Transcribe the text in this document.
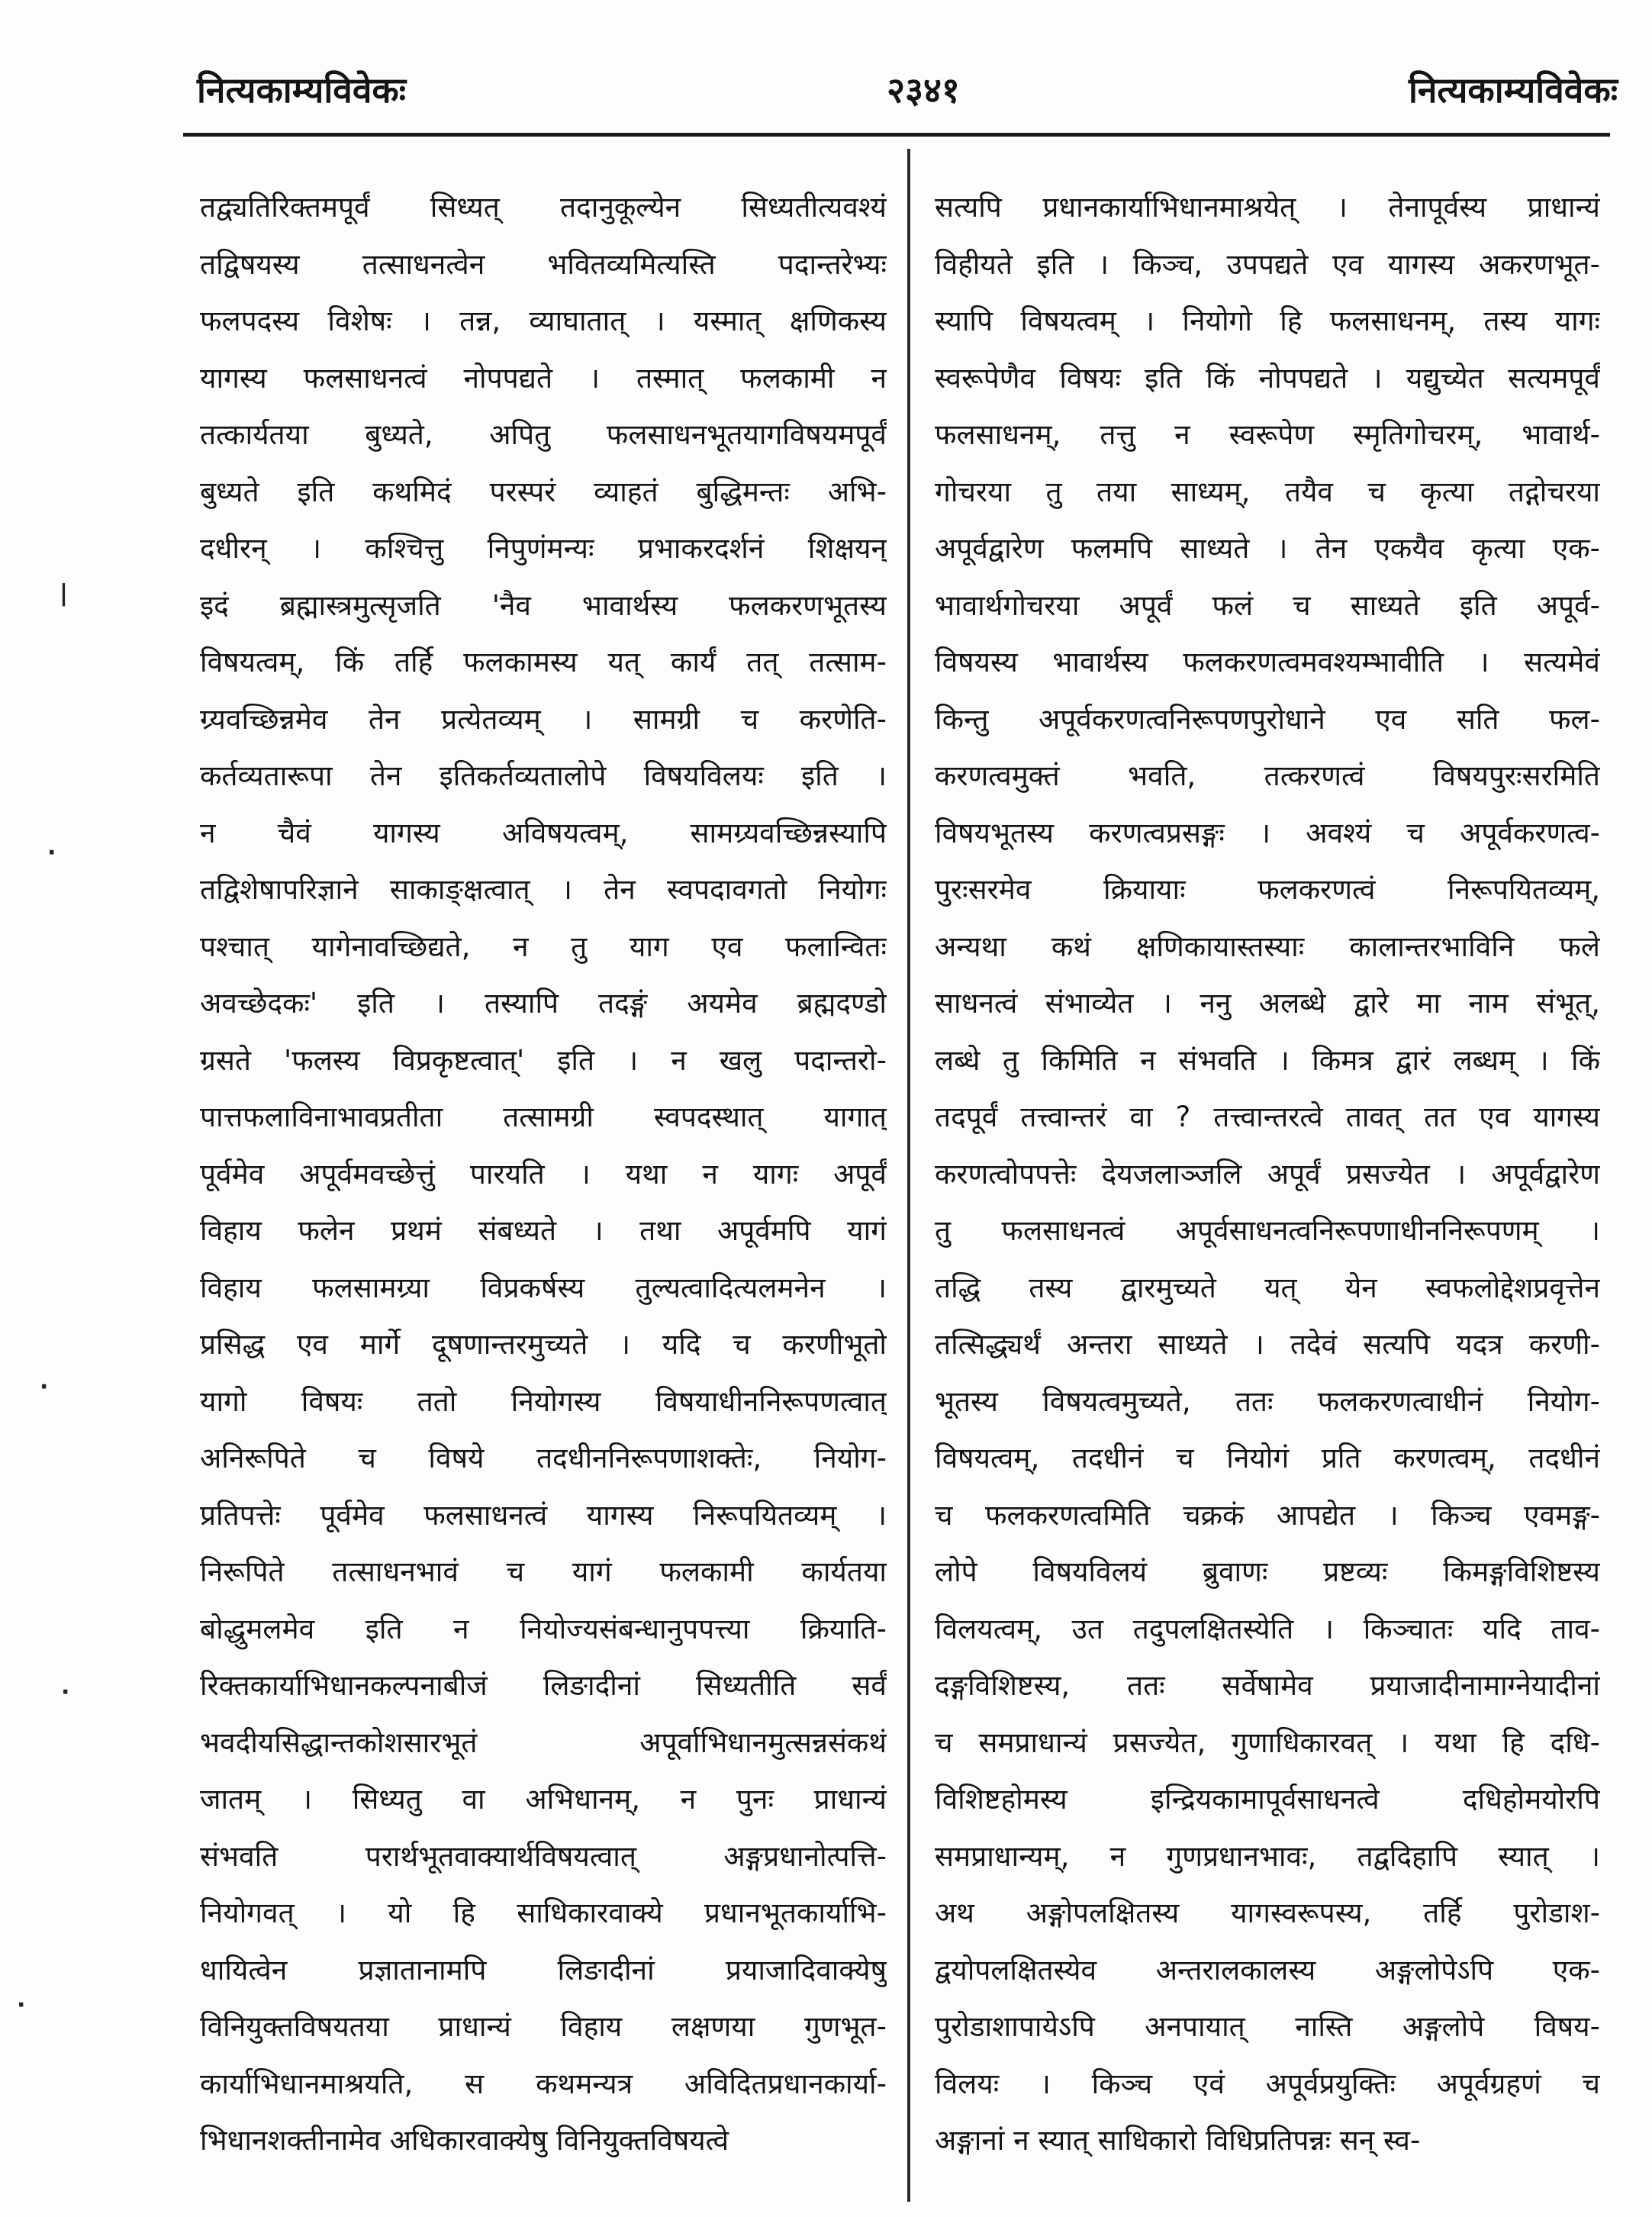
नित्यकाम्यविवेकः	२३४१	नित्यकाम्यविवेकः
|
·
·
·
·
तद्व्यतिरिक्तमपूर्वं सिध्यत् तदानुकूल्येन सिध्यतीत्यवश्यं
तद्विषयस्य तत्साधनत्वेन भवितव्यमित्यस्ति पदान्तरेभ्यः
फलपदस्य विशेषः । तन्न, व्याघातात् । यस्मात् क्षणिकस्य
यागस्य फलसाधनत्वं नोपपद्यते । तस्मात् फलकामी न
तत्कार्यतया बुध्यते, अपितु फलसाधनभूतयागविषयमपूर्वं
बुध्यते इति कथमिदं परस्परं व्याहतं बुद्धिमन्तः अभि-
दधीरन् । कश्चित्तु निपुणंमन्यः प्रभाकरदर्शनं शिक्षयन्
इदं ब्रह्मास्त्रमुत्सृजति 'नैव भावार्थस्य फलकरणभूतस्य
विषयत्वम्, किं तर्हि फलकामस्य यत् कार्यं तत् तत्साम-
ग्र्यवच्छिन्नमेव तेन प्रत्येतव्यम् । सामग्री च करणेति-
कर्तव्यतारूपा तेन इतिकर्तव्यतालोपे विषयविलयः इति ।
न चैवं यागस्य अविषयत्वम्, सामग्र्यवच्छिन्नस्यापि
तद्विशेषापरिज्ञाने साकाङ्क्षत्वात् । तेन स्वपदावगतो नियोगः
पश्चात् यागेनावच्छिद्यते, न तु याग एव फलान्वितः
अवच्छेदकः' इति । तस्यापि तदङ्गं अयमेव ब्रह्मदण्डो
ग्रसते 'फलस्य विप्रकृष्टत्वात्' इति । न खलु पदान्तरो-
पात्तफलाविनाभावप्रतीता तत्सामग्री स्वपदस्थात् यागात्
पूर्वमेव अपूर्वमवच्छेत्तुं पारयति । यथा न यागः अपूर्वं
विहाय फलेन प्रथमं संबध्यते । तथा अपूर्वमपि यागं
विहाय फलसामग्र्या विप्रकर्षस्य तुल्यत्वादित्यलमनेन ।
प्रसिद्ध एव मार्गे दूषणान्तरमुच्यते । यदि च करणीभूतो
यागो विषयः ततो नियोगस्य विषयाधीननिरूपणत्वात्
अनिरूपिते च विषये तदधीननिरूपणाशक्तेः, नियोग-
प्रतिपत्तेः पूर्वमेव फलसाधनत्वं यागस्य निरूपयितव्यम् ।
निरूपिते तत्साधनभावं च यागं फलकामी कार्यतया
बोद्धुमलमेव इति न नियोज्यसंबन्धानुपपत्त्या क्रियाति-
रिक्तकार्याभिधानकल्पनाबीजं लिङादीनां सिध्यतीति सर्वं
भवदीयसिद्धान्तकोशसारभूतं अपूर्वाभिधानमुत्सन्नसंकथं
जातम् । सिध्यतु वा अभिधानम्, न पुनः प्राधान्यं
संभवति परार्थभूतवाक्यार्थविषयत्वात् अङ्गप्रधानोत्पत्ति-
नियोगवत् । यो हि साधिकारवाक्ये प्रधानभूतकार्याभि-
धायित्वेन प्रज्ञातानामपि लिङादीनां प्रयाजादिवाक्येषु
विनियुक्तविषयतया प्राधान्यं विहाय लक्षणया गुणभूत-
कार्याभिधानमाश्रयति, स कथमन्यत्र अविदितप्रधानकार्या-
भिधानशक्तीनामेव अधिकारवाक्येषु विनियुक्तविषयत्वे
सत्यपि प्रधानकार्याभिधानमाश्रयेत् । तेनापूर्वस्य प्राधान्यं
विहीयते इति । किञ्च, उपपद्यते एव यागस्य अकरणभूत-
स्यापि विषयत्वम् । नियोगो हि फलसाधनम्, तस्य यागः
स्वरूपेणैव विषयः इति किं नोपपद्यते । यद्युच्येत सत्यमपूर्वं
फलसाधनम्, तत्तु न स्वरूपेण स्मृतिगोचरम्, भावार्थ-
गोचरया तु तया साध्यम्, तयैव च कृत्या तद्गोचरया
अपूर्वद्वारेण फलमपि साध्यते । तेन एकयैव कृत्या एक-
भावार्थगोचरया अपूर्वं फलं च साध्यते इति अपूर्व-
विषयस्य भावार्थस्य फलकरणत्वमवश्यम्भावीति । सत्यमेवं
किन्तु अपूर्वकरणत्वनिरूपणपुरोधाने एव सति फल-
करणत्वमुक्तं भवति, तत्करणत्वं विषयपुरःसरमिति
विषयभूतस्य करणत्वप्रसङ्गः । अवश्यं च अपूर्वकरणत्व-
पुरःसरमेव क्रियायाः फलकरणत्वं निरूपयितव्यम्,
अन्यथा कथं क्षणिकायास्तस्याः कालान्तरभाविनि फले
साधनत्वं संभाव्येत । ननु अलब्धे द्वारे मा नाम संभूत्,
लब्धे तु किमिति न संभवति । किमत्र द्वारं लब्धम् । किं
तदपूर्वं तत्त्वान्तरं वा ? तत्त्वान्तरत्वे तावत् तत एव यागस्य
करणत्वोपपत्तेः देयजलाञ्जलि अपूर्वं प्रसज्येत । अपूर्वद्वारेण
तु फलसाधनत्वं अपूर्वसाधनत्वनिरूपणाधीननिरूपणम् ।
तद्धि तस्य द्वारमुच्यते यत् येन स्वफलोद्देशप्रवृत्तेन
तत्सिद्ध्यर्थं अन्तरा साध्यते । तदेवं सत्यपि यदत्र करणी-
भूतस्य विषयत्वमुच्यते, ततः फलकरणत्वाधीनं नियोग-
विषयत्वम्, तदधीनं च नियोगं प्रति करणत्वम्, तदधीनं
च फलकरणत्वमिति चक्रकं आपद्येत । किञ्च एवमङ्ग-
लोपे विषयविलयं ब्रुवाणः प्रष्टव्यः किमङ्गविशिष्टस्य
विलयत्वम्, उत तदुपलक्षितस्येति । किञ्चातः यदि ताव-
दङ्गविशिष्टस्य, ततः सर्वेषामेव प्रयाजादीनामाग्नेयादीनां
च समप्राधान्यं प्रसज्येत, गुणाधिकारवत् । यथा हि दधि-
विशिष्टहोमस्य इन्द्रियकामापूर्वसाधनत्वे दधिहोमयोरपि
समप्राधान्यम्, न गुणप्रधानभावः, तद्वदिहापि स्यात् ।
अथ अङ्गोपलक्षितस्य यागस्वरूपस्य, तर्हि पुरोडाश-
द्वयोपलक्षितस्येव अन्तरालकालस्य अङ्गलोपेऽपि एक-
पुरोडाशापायेऽपि अनपायात् नास्ति अङ्गलोपे विषय-
विलयः । किञ्च एवं अपूर्वप्रयुक्तिः अपूर्वग्रहणं च
अङ्गानां न स्यात् साधिकारो विधिप्रतिपन्नः सन् स्व-
